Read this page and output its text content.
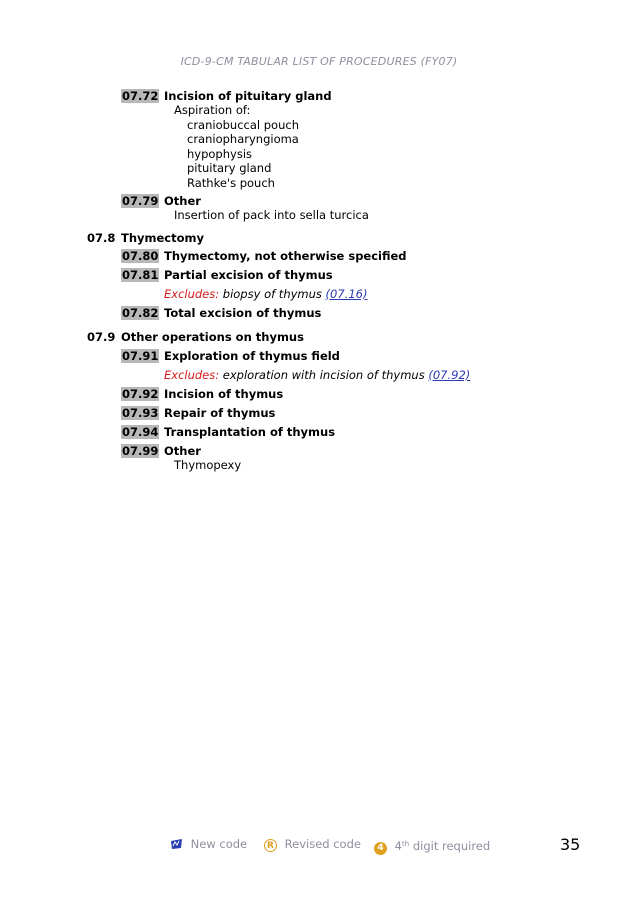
ICD-9-CM TABULAR LIST OF PROCEDURES (FY07)
07.72 Incision of pituitary gland
Aspiration of:
craniobuccal pouch
craniopharyngioma
hypophysis
pituitary gland
Rathke's pouch
07.79 Other
Insertion of pack into sella turcica
07.8 Thymectomy
07.80 Thymectomy, not otherwise specified
07.81 Partial excision of thymus
Excludes: biopsy of thymus (07.16)
07.82 Total excision of thymus
07.9 Other operations on thymus
07.91 Exploration of thymus field
Excludes: exploration with incision of thymus (07.92)
07.92 Incision of thymus
07.93 Repair of thymus
07.94 Transplantation of thymus
07.99 Other
Thymopexy
New code	R Revised code	4 4th digit required	35
